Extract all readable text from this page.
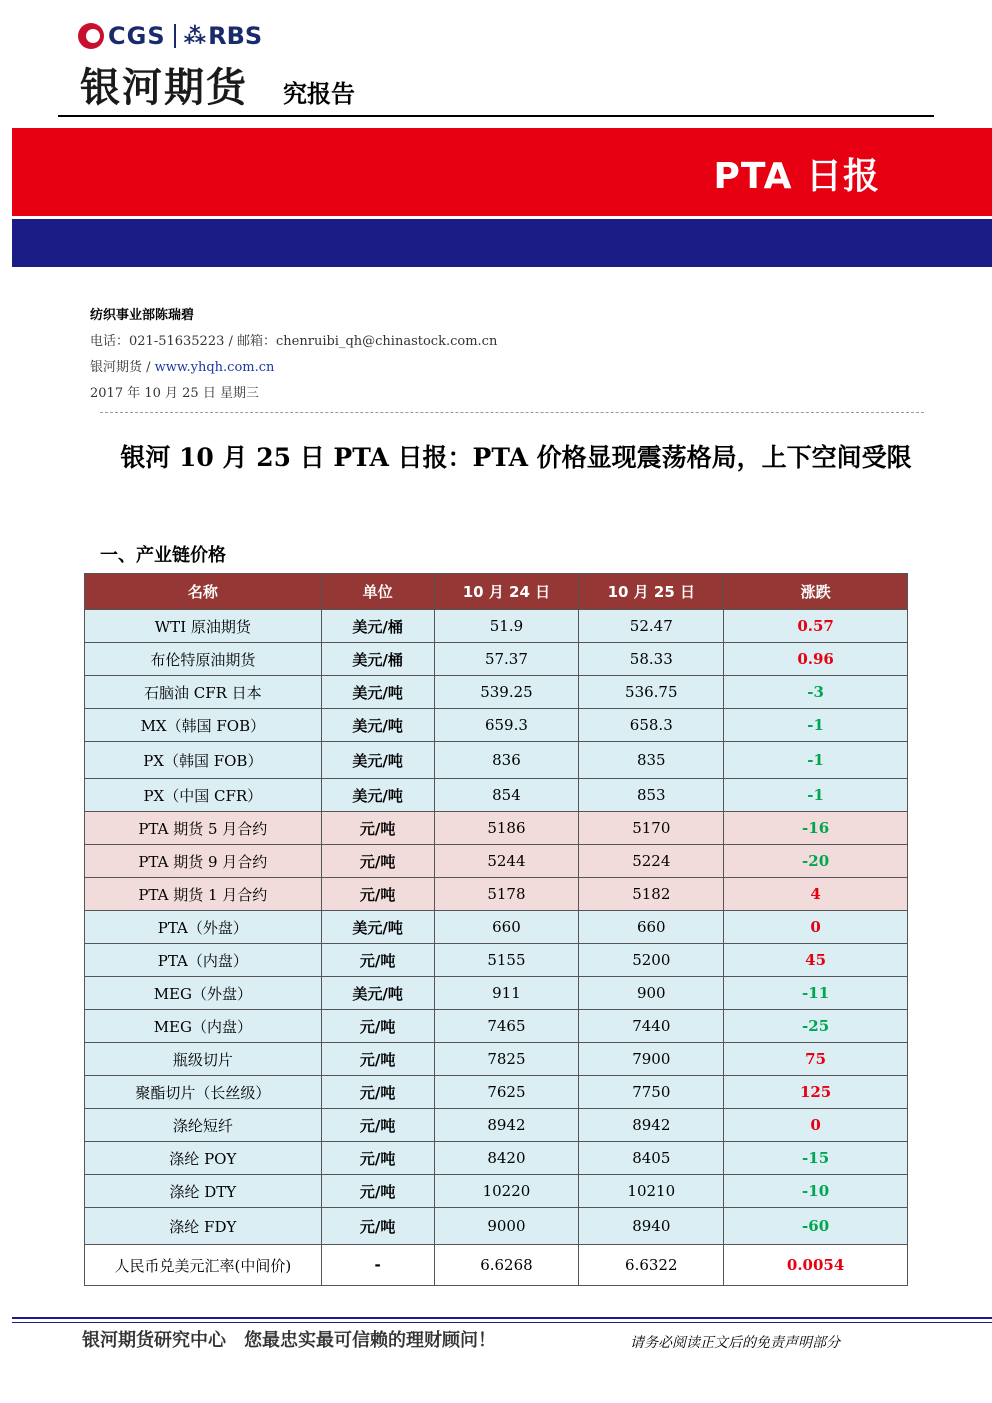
CGS ⁂ RBS
银河期货 究报告
PTA 日报
纺织事业部陈瑞碧
电话：021-51635223 / 邮箱：chenruibi_qh@chinastock.com.cn
银河期货 / www.yhqh.com.cn
2017 年 10 月 25 日 星期三
银河 10 月 25 日 PTA 日报：PTA 价格显现震荡格局，上下空间受限
一、产业链价格
名称	单位	10 月 24 日	10 月 25 日	涨跌
WTI 原油期货	美元/桶	51.9	52.47	0.57
布伦特原油期货	美元/桶	57.37	58.33	0.96
石脑油 CFR 日本	美元/吨	539.25	536.75	-3
MX（韩国 FOB）	美元/吨	659.3	658.3	-1
PX（韩国 FOB）	美元/吨	836	835	-1
PX（中国 CFR）	美元/吨	854	853	-1
PTA 期货 5 月合约	元/吨	5186	5170	-16
PTA 期货 9 月合约	元/吨	5244	5224	-20
PTA 期货 1 月合约	元/吨	5178	5182	4
PTA（外盘）	美元/吨	660	660	0
PTA（内盘）	元/吨	5155	5200	45
MEG（外盘）	美元/吨	911	900	-11
MEG（内盘）	元/吨	7465	7440	-25
瓶级切片	元/吨	7825	7900	75
聚酯切片（长丝级）	元/吨	7625	7750	125
涤纶短纤	元/吨	8942	8942	0
涤纶 POY	元/吨	8420	8405	-15
涤纶 DTY	元/吨	10220	10210	-10
涤纶 FDY	元/吨	9000	8940	-60
人民币兑美元汇率(中间价)	-	6.6268	6.6322	0.0054
银河期货研究中心　您最忠实最可信赖的理财顾问！	请务必阅读正文后的免责声明部分
